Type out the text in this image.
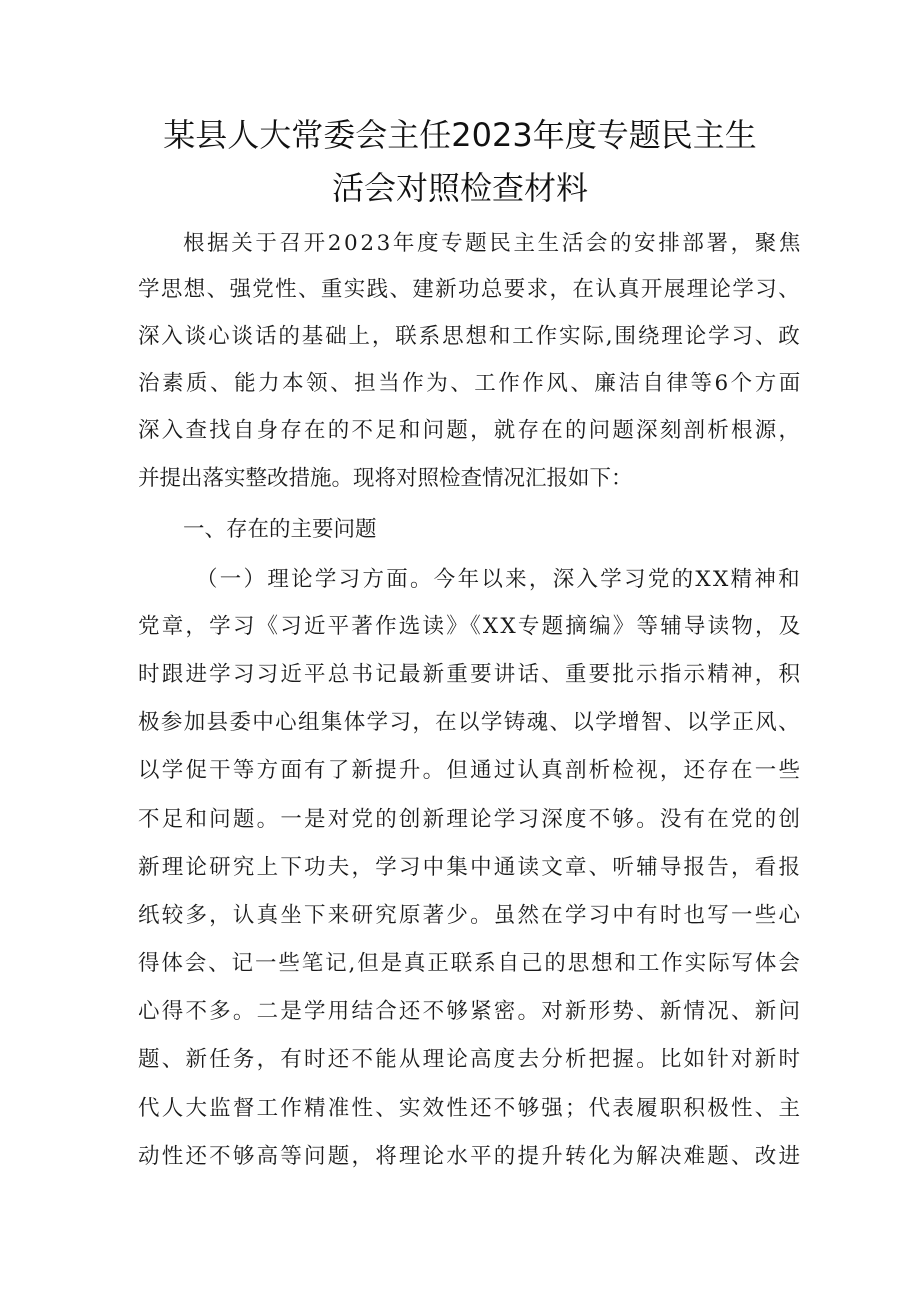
某县人大常委会主任2023年度专题民主生
活会对照检查材料
根据关于召开2023年度专题民主生活会的安排部署，聚焦
学思想、强党性、重实践、建新功总要求，在认真开展理论学习、
深入谈心谈话的基础上，联系思想和工作实际,围绕理论学习、政
治素质、能力本领、担当作为、工作作风、廉洁自律等6个方面
深入查找自身存在的不足和问题，就存在的问题深刻剖析根源，
并提出落实整改措施。现将对照检查情况汇报如下：
一、存在的主要问题
（一）理论学习方面。今年以来，深入学习党的XX精神和
党章，学习《习近平著作选读》《XX专题摘编》等辅导读物，及
时跟进学习习近平总书记最新重要讲话、重要批示指示精神，积
极参加县委中心组集体学习，在以学铸魂、以学增智、以学正风、
以学促干等方面有了新提升。但通过认真剖析检视，还存在一些
不足和问题。一是对党的创新理论学习深度不够。没有在党的创
新理论研究上下功夫，学习中集中通读文章、听辅导报告，看报
纸较多，认真坐下来研究原著少。虽然在学习中有时也写一些心
得体会、记一些笔记,但是真正联系自己的思想和工作实际写体会
心得不多。二是学用结合还不够紧密。对新形势、新情况、新问
题、新任务，有时还不能从理论高度去分析把握。比如针对新时
代人大监督工作精准性、实效性还不够强；代表履职积极性、主
动性还不够高等问题，将理论水平的提升转化为解决难题、改进
